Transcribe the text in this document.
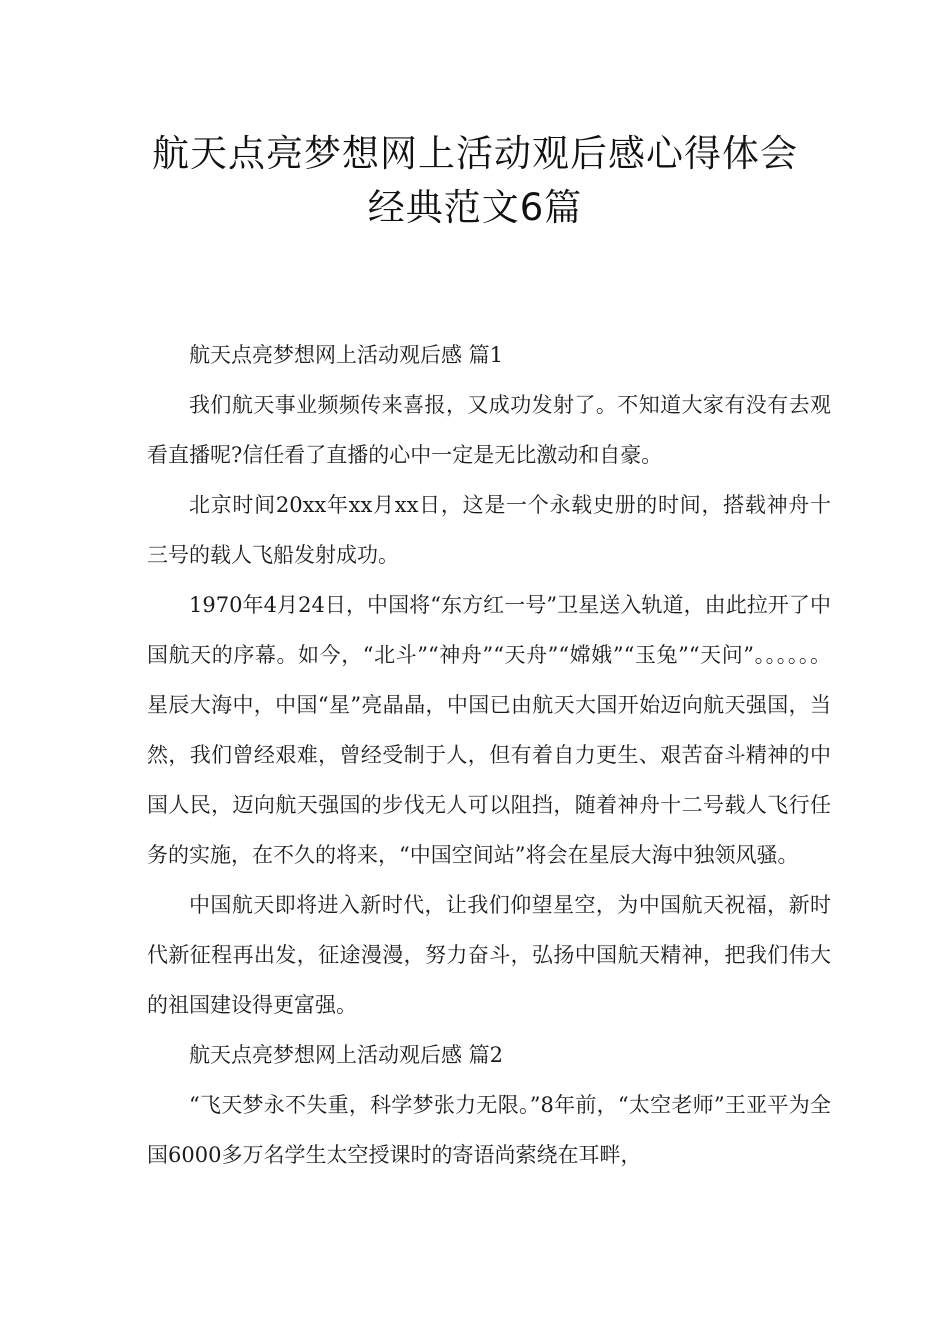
航天点亮梦想网上活动观后感心得体会
经典范文6篇

航天点亮梦想网上活动观后感 篇1

我们航天事业频频传来喜报，又成功发射了。不知道大家有没有去观看直播呢?信任看了直播的心中一定是无比激动和自豪。

北京时间20xx年xx月xx日，这是一个永载史册的时间，搭载神舟十三号的载人飞船发射成功。

1970年4月24日，中国将“东方红一号”卫星送入轨道，由此拉开了中国航天的序幕。如今，“北斗”“神舟”“天舟”“嫦娥”“玉兔”“天问”。。。。。。星辰大海中，中国“星”亮晶晶，中国已由航天大国开始迈向航天强国，当然，我们曾经艰难，曾经受制于人，但有着自力更生、艰苦奋斗精神的中国人民，迈向航天强国的步伐无人可以阻挡，随着神舟十二号载人飞行任务的实施，在不久的将来，“中国空间站”将会在星辰大海中独领风骚。

中国航天即将进入新时代，让我们仰望星空，为中国航天祝福，新时代新征程再出发，征途漫漫，努力奋斗，弘扬中国航天精神，把我们伟大的祖国建设得更富强。

航天点亮梦想网上活动观后感 篇2

“飞天梦永不失重，科学梦张力无限。”8年前，“太空老师”王亚平为全国6000多万名学生太空授课时的寄语尚萦绕在耳畔，
